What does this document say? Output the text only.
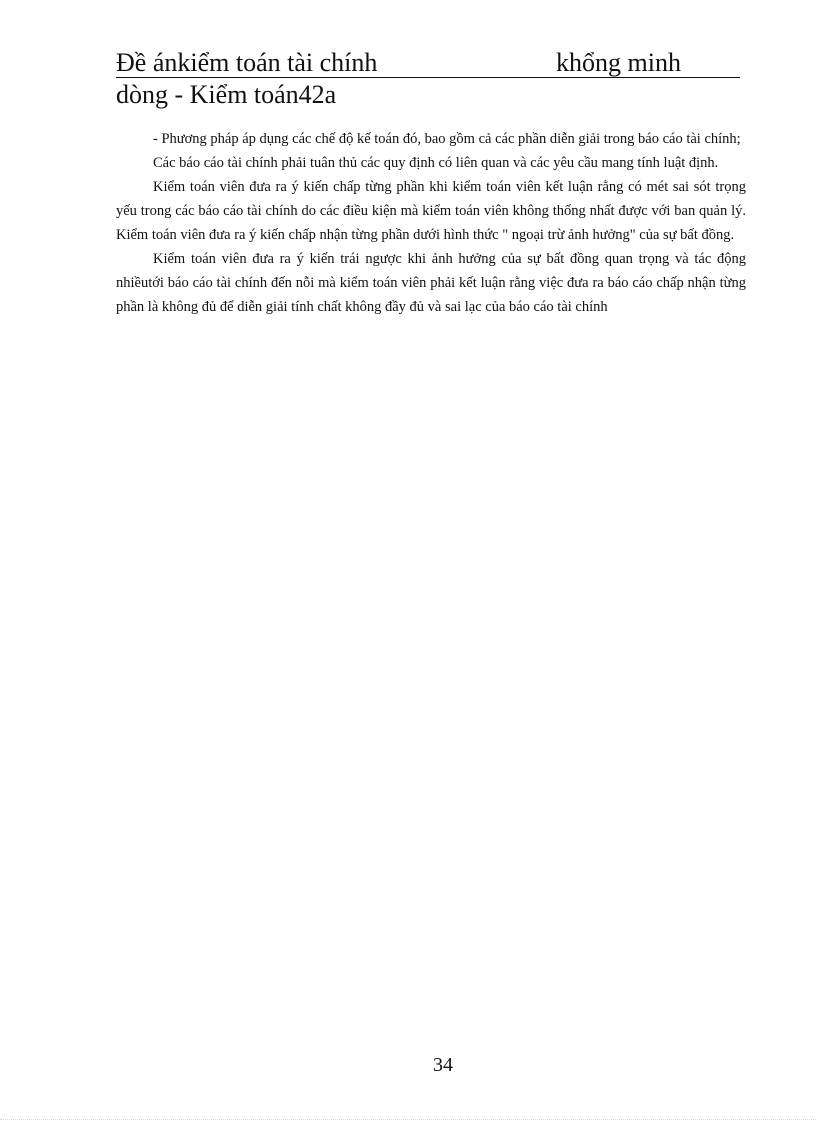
Đề ánkiểm toán tài chính	khổng minh
dòng - Kiểm toán42a

- Phương pháp áp dụng các chế độ kế toán đó, bao gồm cả các phần diễn giải trong báo cáo tài chính;

Các báo cáo tài chính phải tuân thủ các quy định có liên quan và các yêu cầu mang tính luật định.

Kiểm toán viên đưa ra ý kiến chấp từng phần khi kiểm toán viên kết luận rằng có mét sai sót trọng yếu trong các báo cáo tài chính do các điều kiện mà kiểm toán viên không thống nhất được với ban quản lý. Kiểm toán viên đưa ra ý kiến chấp nhận từng phần dưới hình thức " ngoại trừ ảnh hưởng" của sự bất đồng.

Kiểm toán viên đưa ra ý kiến trái ngược khi ảnh hưởng của sự bất đồng quan trọng và tác động nhiềutới báo cáo tài chính đến nỗi mà kiểm toán viên phải kết luận rằng việc đưa ra báo cáo chấp nhận từng phần là không đủ để diễn giải tính chất không đầy đủ và sai lạc của báo cáo tài chính

34
